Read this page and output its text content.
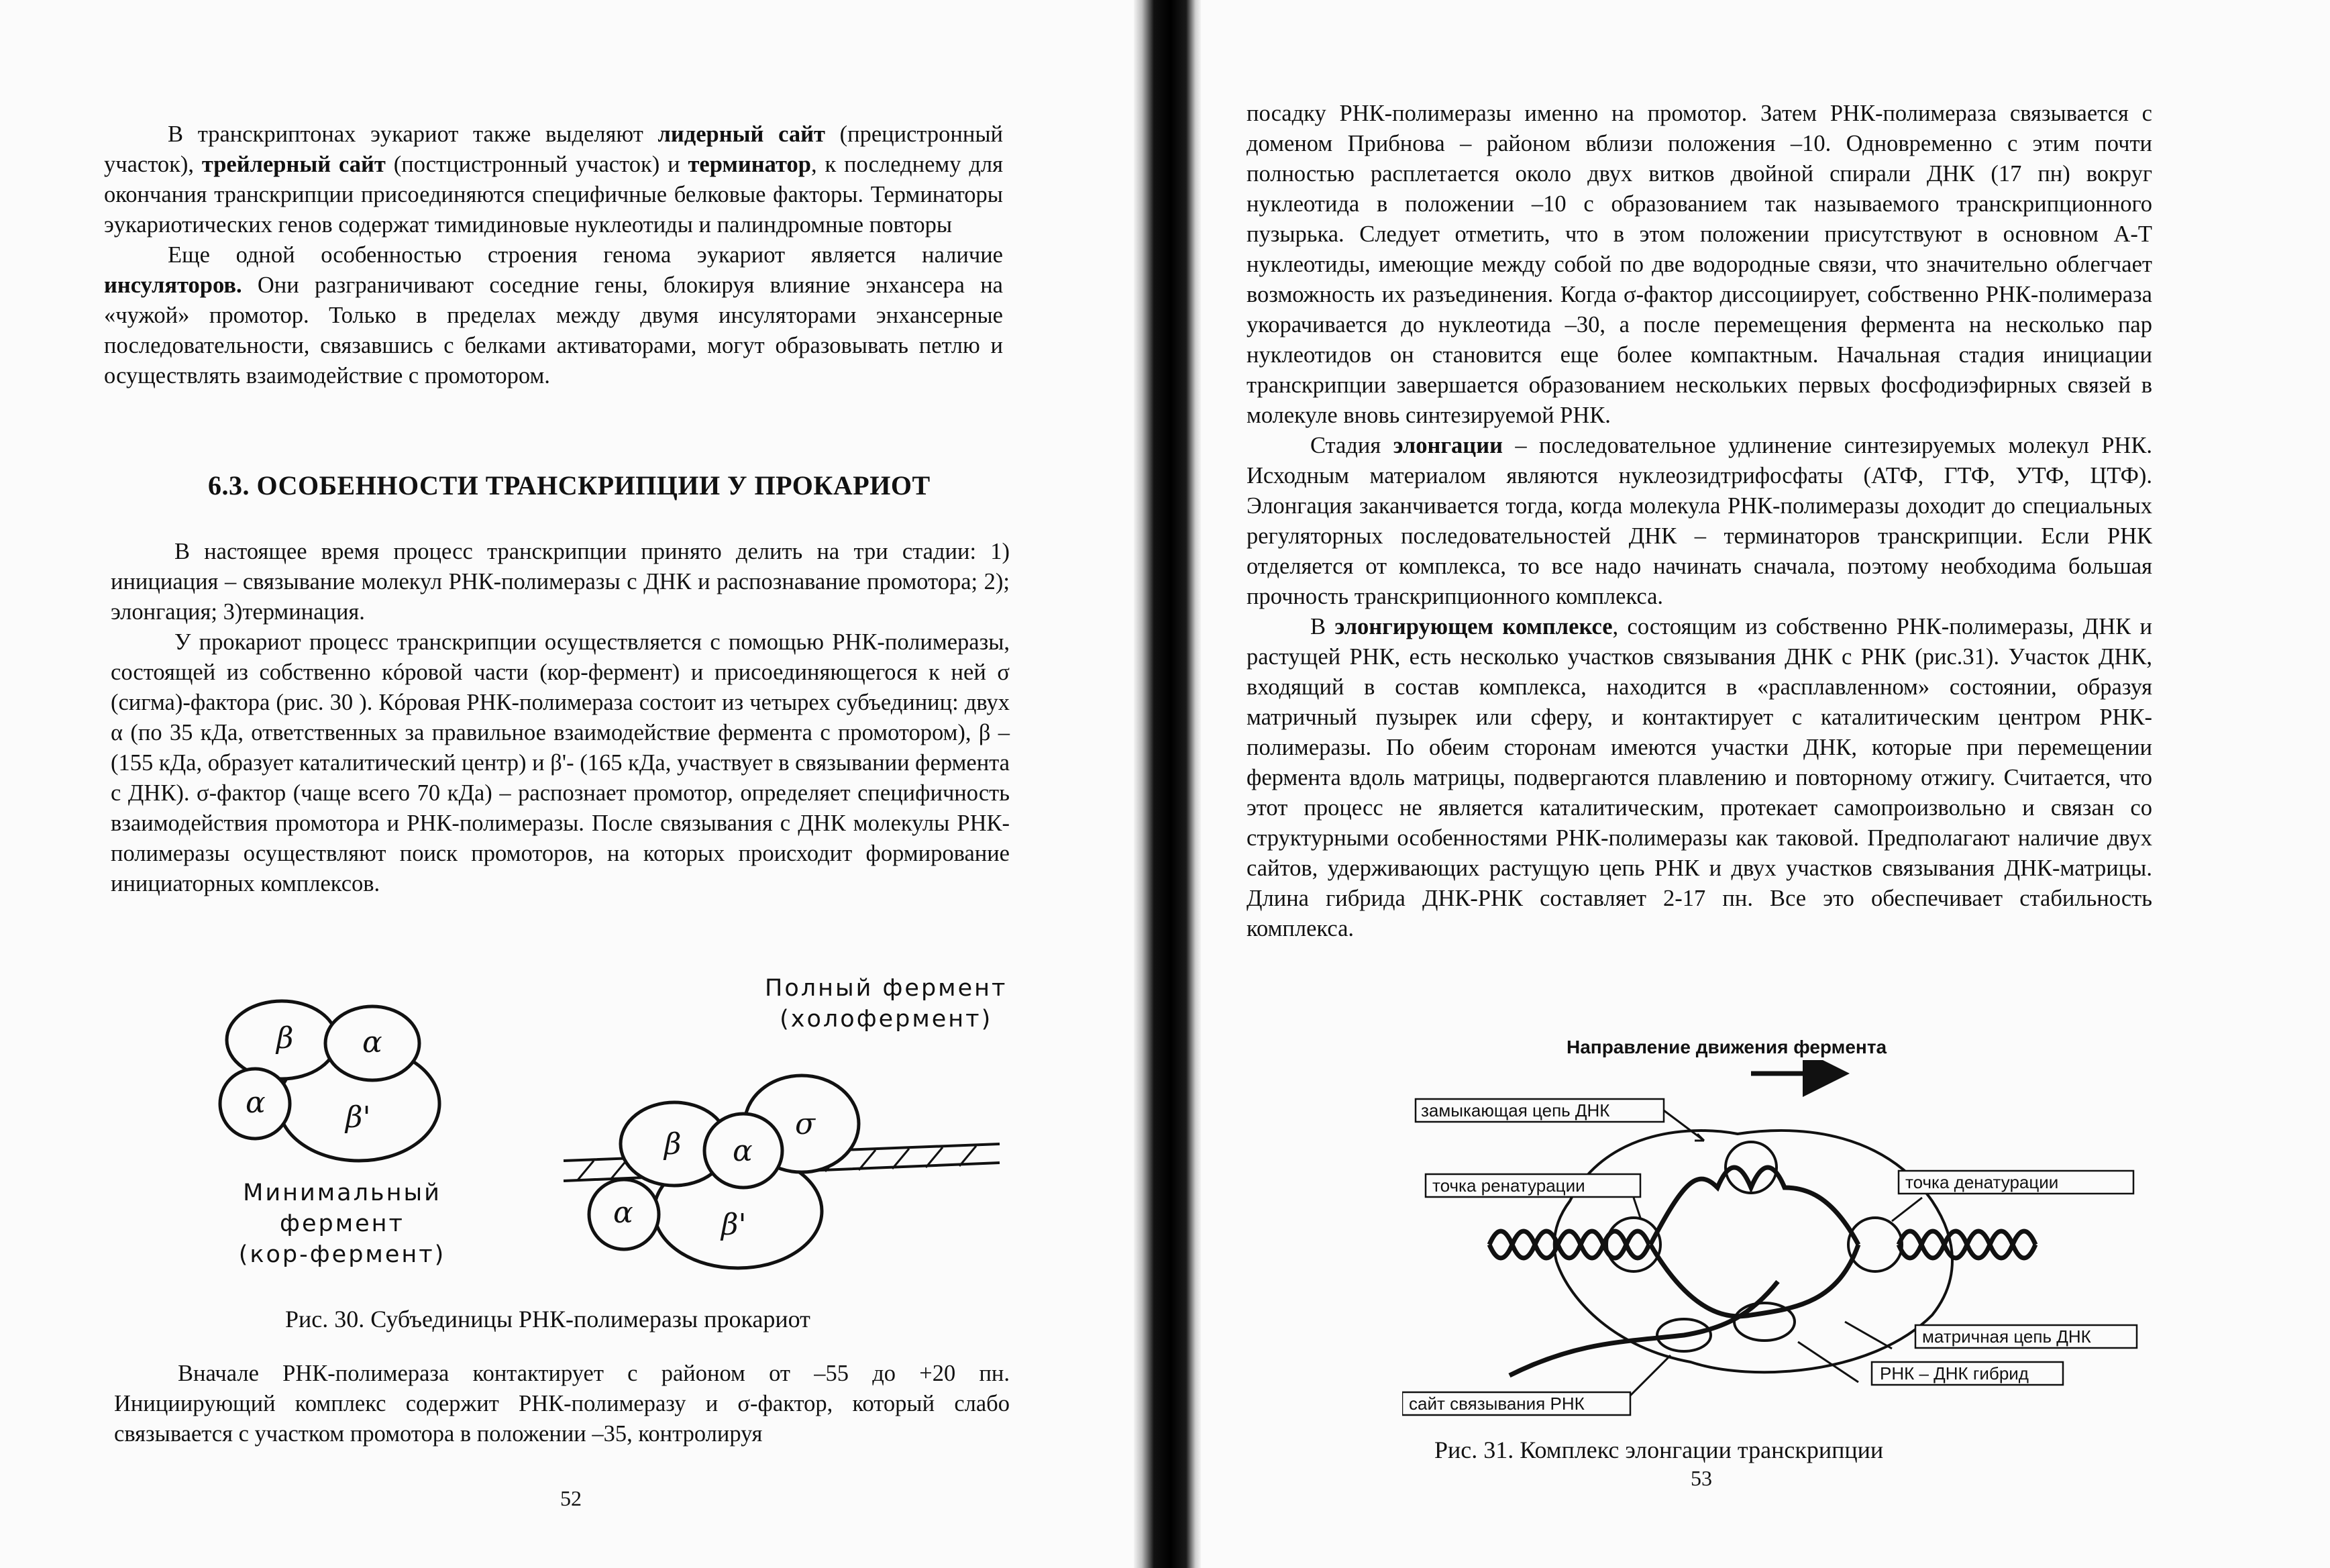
В транскриптонах эукариот также выделяют лидерный сайт (прецистронный участок), трейлерный сайт (постцистронный участок) и терминатор, к последнему для окончания транскрипции присоединяются специфичные белковые факторы. Терминаторы эукариотических генов содержат тимидиновые нуклеотиды и палиндромные повторы

Еще одной особенностью строения генома эукариот является наличие инсуляторов. Они разграничивают соседние гены, блокируя влияние энхансера на «чужой» промотор. Только в пределах между двумя инсуляторами энхансерные последовательности, связавшись с белками активаторами, могут образовывать петлю и осуществлять взаимодействие с промотором.

6.3. ОСОБЕННОСТИ ТРАНСКРИПЦИИ У ПРОКАРИОТ

В настоящее время процесс транскрипции принято делить на три стадии: 1) инициация – связывание молекул РНК-полимеразы с ДНК и распознавание промотора; 2); элонгация; 3)терминация.

У прокариот процесс транскрипции осуществляется с помощью РНК-полимеразы, состоящей из собственно кóровой части (кор-фермент) и присоединяющегося к ней σ (сигма)-фактора (рис. 30 ). Кóровая РНК-полимераза состоит из четырех субъединиц: двух α (по 35 кДа, ответственных за правильное взаимодействие фермента с промотором), β – (155 кДа, образует каталитический центр) и β'- (165 кДа, участвует в связывании фермента с ДНК). σ-фактор (чаще всего 70 кДа) – распознает промотор, определяет специфичность взаимодействия промотора и РНК-полимеразы. После связывания с ДНК молекулы РНК-полимеразы осуществляют поиск промоторов, на которых происходит формирование инициаторных комплексов.

β α
α	β'
β α
σ
α	β'
Полный фермент
(холофермент)
Минимальный
фермент
(кор-фермент)
Рис. 30. Субъединицы РНК-полимеразы прокариот

Вначале РНК-полимераза контактирует с районом от –55 до +20 пн. Инициирующий комплекс содержит РНК-полимеразу и σ-фактор, который слабо связывается с участком промотора в положении –35, контролируя

52

посадку РНК-полимеразы именно на промотор. Затем РНК-полимераза связывается с доменом Прибнова – районом вблизи положения –10. Одновременно с этим почти полностью расплетается около двух витков двойной спирали ДНК (17 пн) вокруг нуклеотида в положении –10 с образованием так называемого транскрипционного пузырька. Следует отметить, что в этом положении присутствуют в основном А-Т нуклеотиды, имеющие между собой по две водородные связи, что значительно облегчает возможность их разъединения. Когда σ-фактор диссоциирует, собственно РНК-полимераза укорачивается до нуклеотида –30, а после перемещения фермента на несколько пар нуклеотидов он становится еще более компактным. Начальная стадия инициации транскрипции завершается образованием нескольких первых фосфодиэфирных связей в молекуле вновь синтезируемой РНК.

Стадия элонгации – последовательное удлинение синтезируемых молекул РНК. Исходным материалом являются нуклеозидтрифосфаты (АТФ, ГТФ, УТФ, ЦТФ). Элонгация заканчивается тогда, когда молекула РНК-полимеразы доходит до специальных регуляторных последовательностей ДНК – терминаторов транскрипции. Если РНК отделяется от комплекса, то все надо начинать сначала, поэтому необходима большая прочность транскрипционного комплекса.

В элонгирующем комплексе, состоящим из собственно РНК-полимеразы, ДНК и растущей РНК, есть несколько участков связывания ДНК с РНК (рис.31). Участок ДНК, входящий в состав комплекса, находится в «расплавленном» состоянии, образуя матричный пузырек или сферу, и контактирует с каталитическим центром РНК-полимеразы. По обеим сторонам имеются участки ДНК, которые при перемещении фермента вдоль матрицы, подвергаются плавлению и повторному отжигу. Считается, что этот процесс не является каталитическим, протекает самопроизвольно и связан со структурными особенностями РНК-полимеразы как таковой. Предполагают наличие двух сайтов, удерживающих растущую цепь РНК и двух участков связывания ДНК-матрицы. Длина гибрида ДНК-РНК составляет 2-17 пн. Все это обеспечивает стабильность комплекса.

Направление движения фермента
замыкающая цепь ДНК
точка ренатурации	точка денатурации
матричная цепь ДНК
РНК – ДНК гибрид
сайт связывания РНК
Рис. 31. Комплекс элонгации транскрипции
53
